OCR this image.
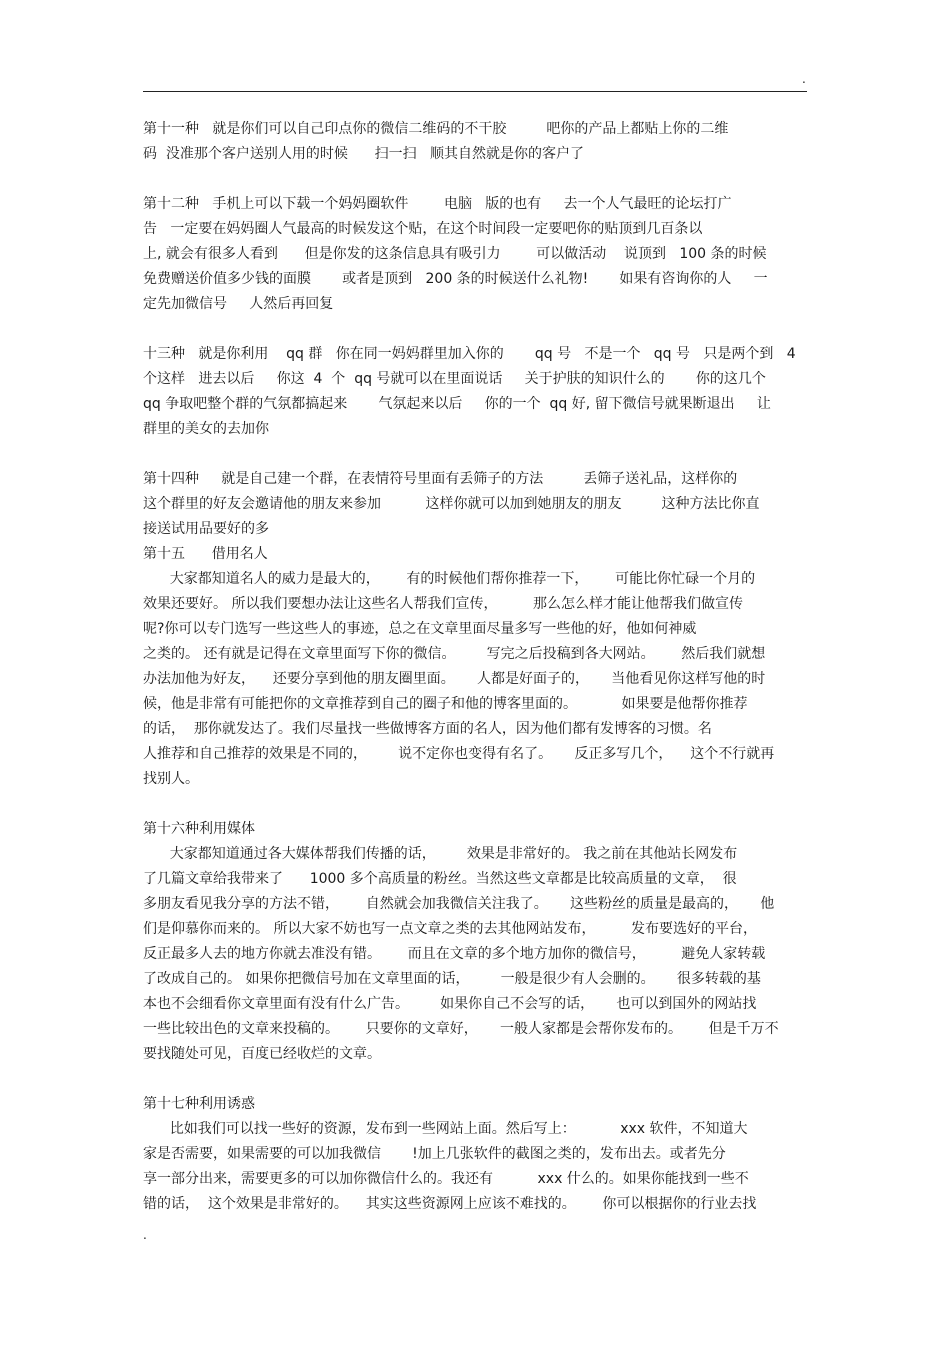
.
第十一种   就是你们可以自己印点你的微信二维码的不干胶         吧你的产品上都贴上你的二维
码  没准那个客户送别人用的时候      扫一扫   顺其自然就是你的客户了
第十二种   手机上可以下载一个妈妈圈软件        电脑   版的也有     去一个人气最旺的论坛打广
告   一定要在妈妈圈人气最高的时候发这个贴，在这个时间段一定要吧你的贴顶到几百条以
上, 就会有很多人看到      但是你发的这条信息具有吸引力        可以做活动    说顶到   100 条的时候
免费赠送价值多少钱的面膜       或者是顶到   200 条的时候送什么礼物!       如果有咨询你的人     一
定先加微信号     人然后再回复
十三种   就是你利用    qq 群   你在同一妈妈群里加入你的       qq 号   不是一个   qq 号   只是两个到   4
个这样   进去以后     你这  4  个  qq 号就可以在里面说话     关于护肤的知识什么的       你的这几个
qq 争取吧整个群的气氛都搞起来       气氛起来以后     你的一个  qq 好, 留下微信号就果断退出     让
群里的美女的去加你
第十四种     就是自己建一个群，在表情符号里面有丢筛子的方法         丢筛子送礼品，这样你的
这个群里的好友会邀请他的朋友来参加          这样你就可以加到她朋友的朋友         这种方法比你直
接送试用品要好的多
第十五      借用名人
大家都知道名人的威力是最大的，      有的时候他们帮你推荐一下，      可能比你忙碌一个月的
效果还要好。 所以我们要想办法让这些名人帮我们宣传，        那么怎么样才能让他帮我们做宣传
呢?你可以专门选写一些这些人的事迹，总之在文章里面尽量多写一些他的好，他如何神威
之类的。 还有就是记得在文章里面写下你的微信。       写完之后投稿到各大网站。      然后我们就想
办法加他为好友，    还要分享到他的朋友圈里面。     人都是好面子的，     当他看见你这样写他的时
候，他是非常有可能把你的文章推荐到自己的圈子和他的博客里面的。          如果要是他帮你推荐
的话，  那你就发达了。我们尽量找一些做博客方面的名人，因为他们都有发博客的习惯。名
人推荐和自己推荐的效果是不同的，       说不定你也变得有名了。     反正多写几个，    这个不行就再
找别人。
第十六种利用媒体
大家都知道通过各大媒体帮我们传播的话，       效果是非常好的。 我之前在其他站长网发布
了几篇文章给我带来了      1000 多个高质量的粉丝。当然这些文章都是比较高质量的文章，  很
多朋友看见我分享的方法不错，      自然就会加我微信关注我了。     这些粉丝的质量是最高的，     他
们是仰慕你而来的。 所以大家不妨也写一点文章之类的去其他网站发布，        发布要选好的平台，
反正最多人去的地方你就去准没有错。      而且在文章的多个地方加你的微信号，        避免人家转载
了改成自己的。 如果你把微信号加在文章里面的话，       一般是很少有人会删的。     很多转载的基
本也不会细看你文章里面有没有什么广告。       如果你自己不会写的话，     也可以到国外的网站找
一些比较出色的文章来投稿的。      只要你的文章好，     一般人家都是会帮你发布的。      但是千万不
要找随处可见，百度已经收烂的文章。
第十七种利用诱惑
比如我们可以找一些好的资源，发布到一些网站上面。然后写上：          xxx 软件，不知道大
家是否需要，如果需要的可以加我微信       !加上几张软件的截图之类的，发布出去。或者先分
享一部分出来，需要更多的可以加你微信什么的。我还有          xxx 什么的。如果你能找到一些不
错的话，  这个效果是非常好的。    其实这些资源网上应该不难找的。      你可以根据你的行业去找
.
